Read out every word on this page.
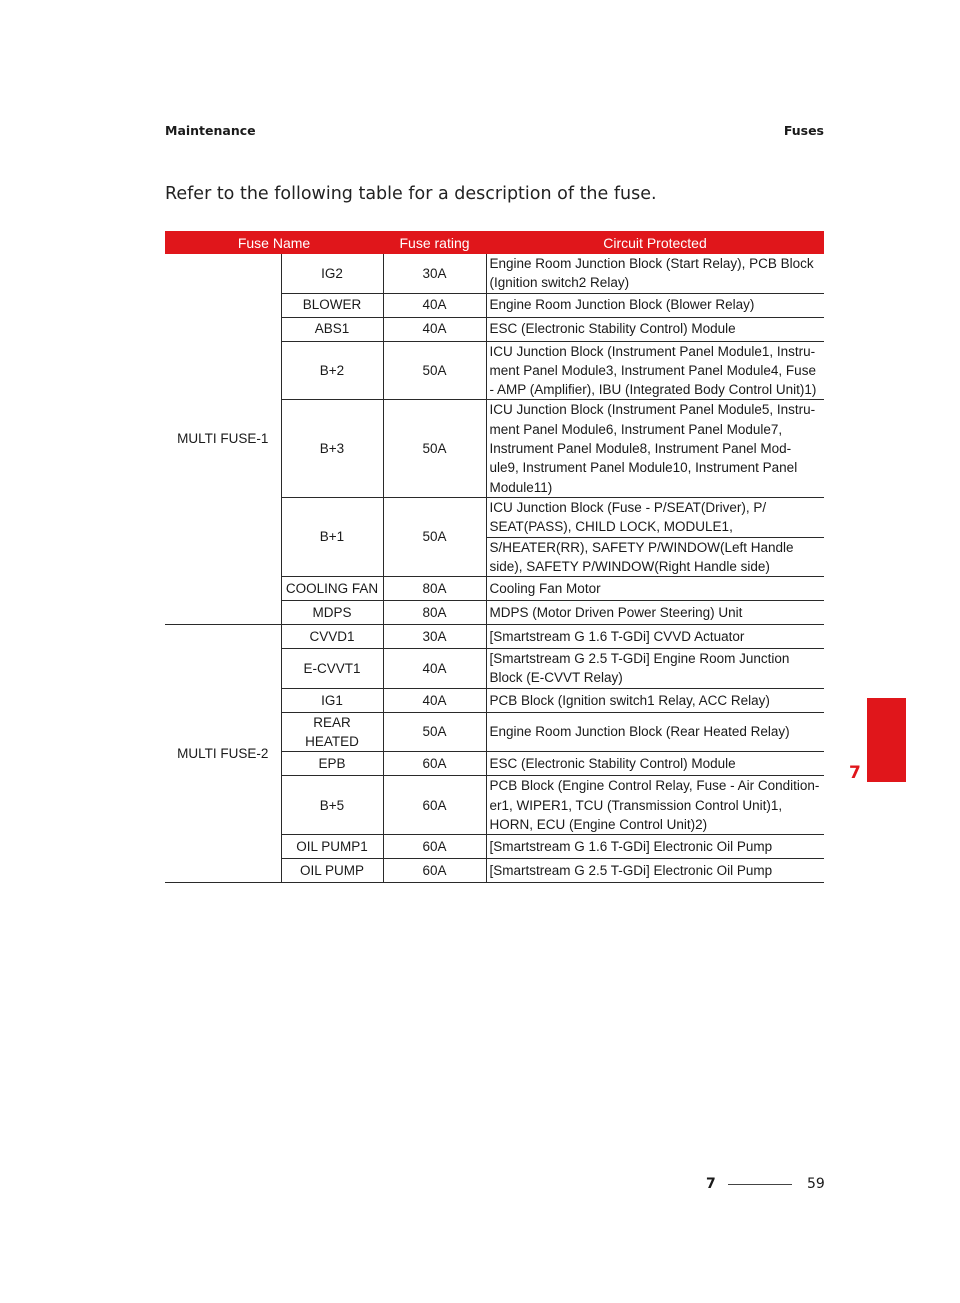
Maintenance	Fuses
Refer to the following table for a description of the fuse.
Fuse Name		Fuse rating	Circuit Protected
MULTI FUSE-1	IG2	30A	Engine Room Junction Block (Start Relay), PCB Block (Ignition switch2 Relay)
	BLOWER	40A	Engine Room Junction Block (Blower Relay)
	ABS1	40A	ESC (Electronic Stability Control) Module
	B+2	50A	ICU Junction Block (Instrument Panel Module1, Instru-ment Panel Module3, Instrument Panel Module4, Fuse - AMP (Amplifier), IBU (Integrated Body Control Unit)1)
	B+3	50A	ICU Junction Block (Instrument Panel Module5, Instru-ment Panel Module6, Instrument Panel Module7, Instrument Panel Module8, Instrument Panel Mod-ule9, Instrument Panel Module10, Instrument Panel Module11)
	B+1	50A	ICU Junction Block (Fuse - P/SEAT(Driver), P/ SEAT(PASS), CHILD LOCK, MODULE1,
			S/HEATER(RR), SAFETY P/WINDOW(Left Handle side), SAFETY P/WINDOW(Right Handle side)
	COOLING FAN	80A	Cooling Fan Motor
	MDPS	80A	MDPS (Motor Driven Power Steering) Unit
MULTI FUSE-2	CVVD1	30A	[Smartstream G 1.6 T-GDi] CVVD Actuator
	E-CVVT1	40A	[Smartstream G 2.5 T-GDi] Engine Room Junction Block (E-CVVT Relay)
	IG1	40A	PCB Block (Ignition switch1 Relay, ACC Relay)
	REAR HEATED	50A	Engine Room Junction Block (Rear Heated Relay)
	EPB	60A	ESC (Electronic Stability Control) Module
	B+5	60A	PCB Block (Engine Control Relay, Fuse - Air Condition-er1, WIPER1, TCU (Transmission Control Unit)1, HORN, ECU (Engine Control Unit)2)
	OIL PUMP1	60A	[Smartstream G 1.6 T-GDi] Electronic Oil Pump
	OIL PUMP	60A	[Smartstream G 2.5 T-GDi] Electronic Oil Pump
7
7	59
